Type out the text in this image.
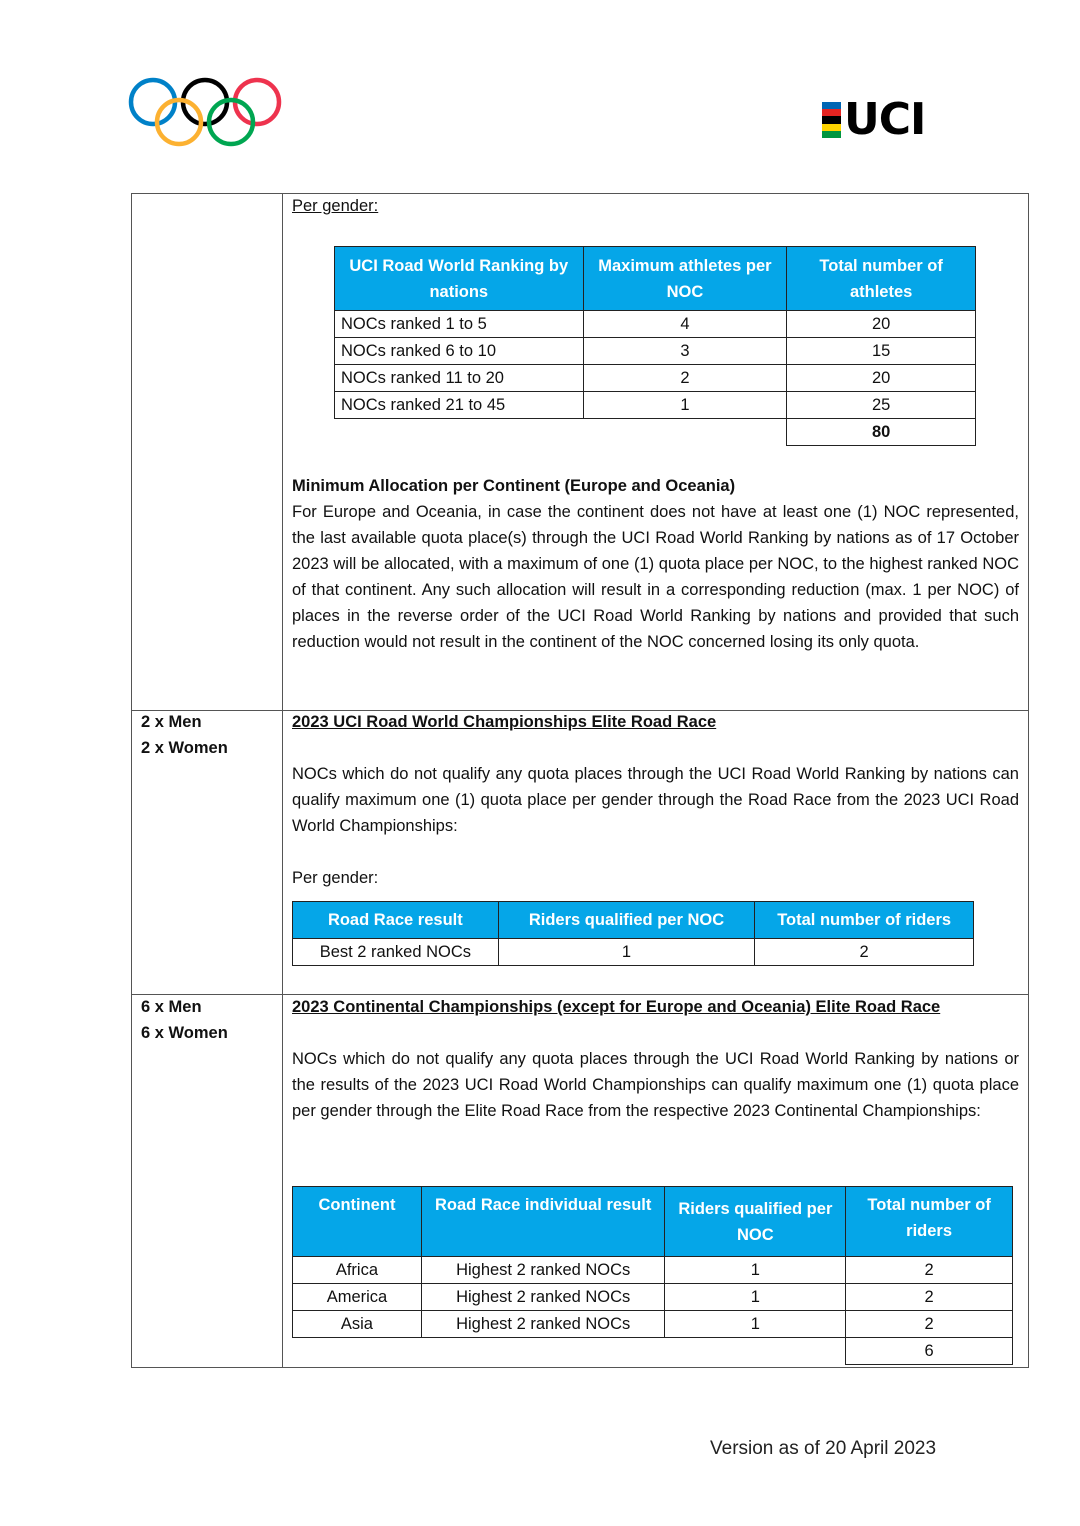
UCI
Per gender:
UCI Road World Ranking by nations	Maximum athletes per NOC	Total number of athletes
NOCs ranked 1 to 5	4	20
NOCs ranked 6 to 10	3	15
NOCs ranked 11 to 20	2	20
NOCs ranked 21 to 45	1	25
		80
Minimum Allocation per Continent (Europe and Oceania)
For Europe and Oceania, in case the continent does not have at least one (1) NOC represented, the last available quota place(s) through the UCI Road World Ranking by nations as of 17 October 2023 will be allocated, with a maximum of one (1) quota place per NOC, to the highest ranked NOC of that continent. Any such allocation will result in a corresponding reduction (max. 1 per NOC) of places in the reverse order of the UCI Road World Ranking by nations and provided that such reduction would not result in the continent of the NOC concerned losing its only quota.
2 x Men
2 x Women
2023 UCI Road World Championships Elite Road Race
NOCs which do not qualify any quota places through the UCI Road World Ranking by nations can qualify maximum one (1) quota place per gender through the Road Race from the 2023 UCI Road World Championships:
Per gender:
Road Race result	Riders qualified per NOC	Total number of riders
Best 2 ranked NOCs	1	2
6 x Men
6 x Women
2023 Continental Championships (except for Europe and Oceania) Elite Road Race
NOCs which do not qualify any quota places through the UCI Road World Ranking by nations or the results of the 2023 UCI Road World Championships can qualify maximum one (1) quota place per gender through the Elite Road Race from the respective 2023 Continental Championships:
Continent	Road Race individual result	Riders qualified per NOC	Total number of riders
Africa	Highest 2 ranked NOCs	1	2
America	Highest 2 ranked NOCs	1	2
Asia	Highest 2 ranked NOCs	1	2
			6
Version as of 20 April 2023
